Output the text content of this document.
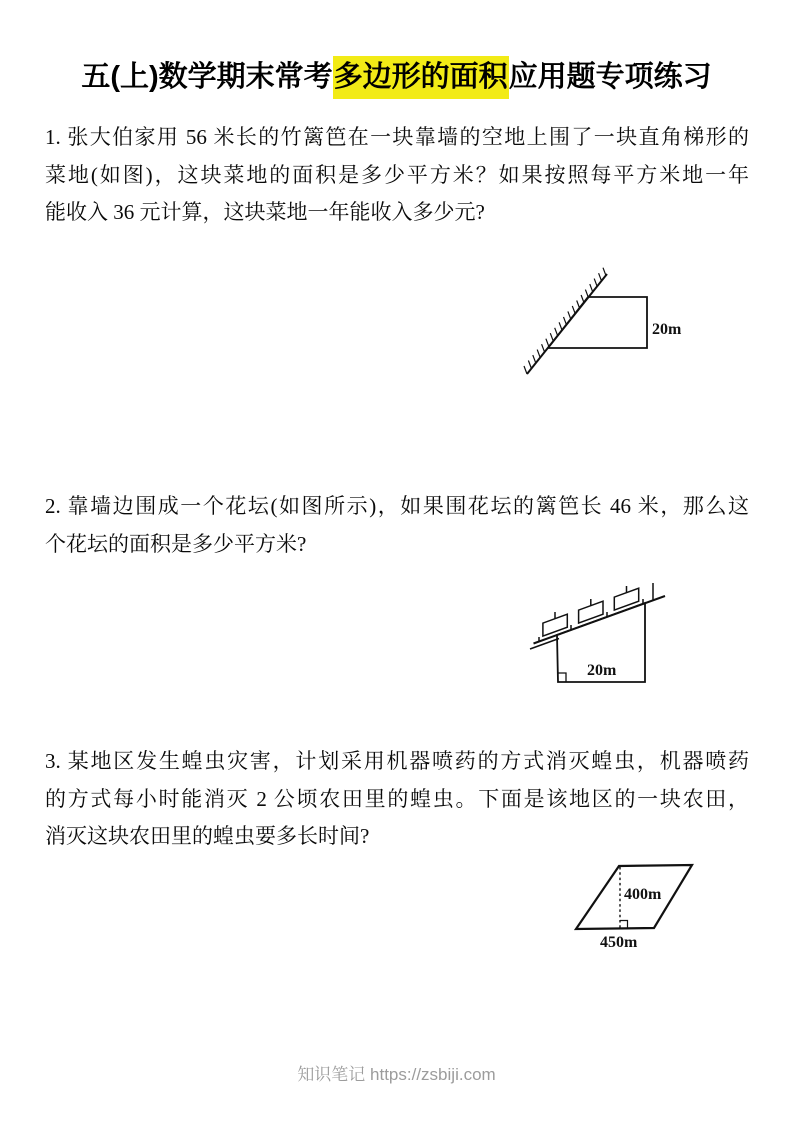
五(上)数学期末常考多边形的面积应用题专项练习
1. 张大伯家用 56 米长的竹篱笆在一块靠墙的空地上围了一块直角梯形的
菜地(如图)，这块菜地的面积是多少平方米？如果按照每平方米地一年
能收入 36 元计算，这块菜地一年能收入多少元?
20m
2. 靠墙边围成一个花坛(如图所示)，如果围花坛的篱笆长 46 米，那么这
个花坛的面积是多少平方米?
20m
3. 某地区发生蝗虫灾害，计划采用机器喷药的方式消灭蝗虫，机器喷药
的方式每小时能消灭 2 公顷农田里的蝗虫。下面是该地区的一块农田，
消灭这块农田里的蝗虫要多长时间?
400m
450m
知识笔记 https://zsbiji.com
